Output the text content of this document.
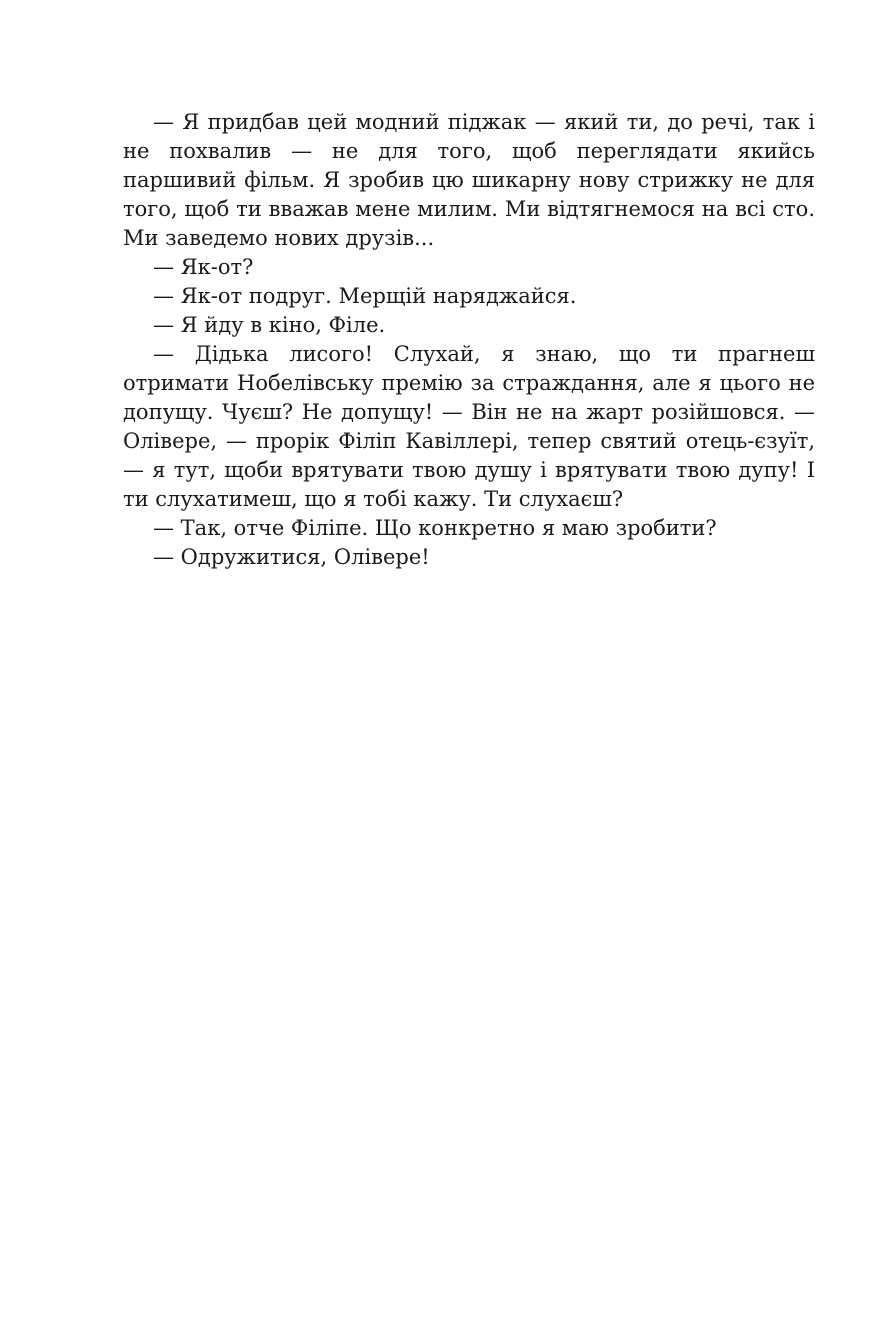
— Я придбав цей модний піджак — який ти, до речі, так і не похвалив — не для того, щоб переглядати якийсь паршивий фільм. Я зробив цю шикарну нову стрижку не для того, щоб ти вважав мене милим. Ми відтягнемося на всі сто. Ми заведемо нових друзів...

— Як-от?

— Як-от подруг. Мерщій наряджайся.

— Я йду в кіно, Філе.

— Дідька лисого! Слухай, я знаю, що ти прагнеш отримати Нобелівську премію за страждання, але я цього не допущу. Чуєш? Не допущу! — Він не на жарт розійшовся. — Олівере, — прорік Філіп Кавіллері, тепер святий отець-єзуїт, — я тут, щоби врятувати твою душу і врятувати твою дупу! І ти слухатимеш, що я тобі кажу. Ти слухаєш?

— Так, отче Філіпе. Що конкретно я маю зробити?

— Одружитися, Олівере!
